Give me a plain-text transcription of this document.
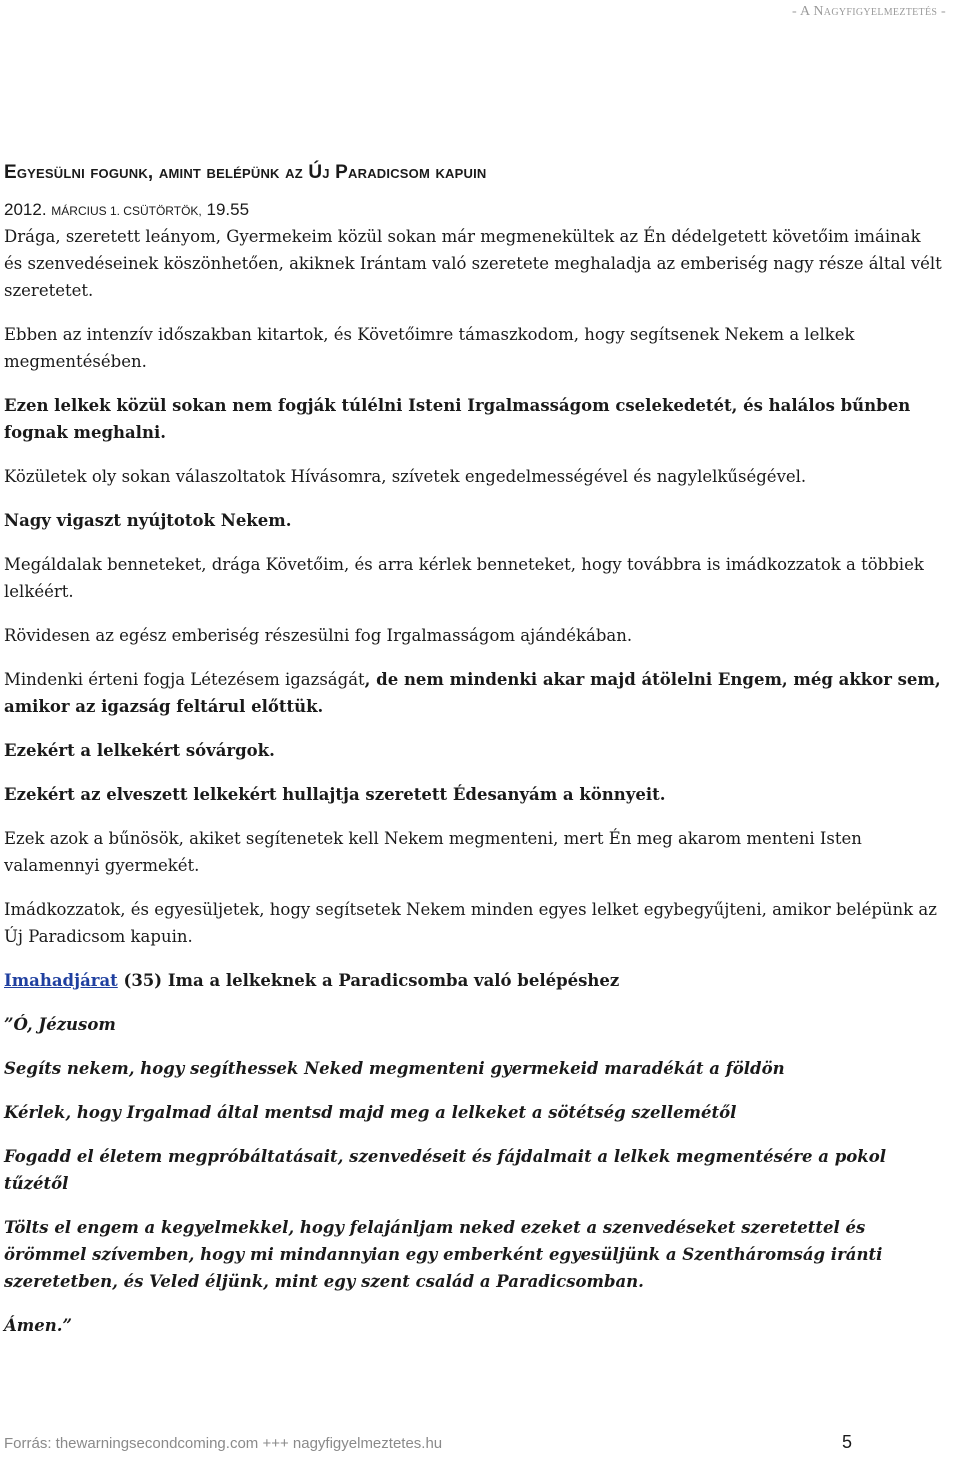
- A Nagyfigyelmeztetés -
Egyesülni fogunk, amint belépünk az Új Paradicsom kapuin
2012. MÁRCIUS 1. CSÜTÖRTÖK, 19.55

Drága, szeretett leányom, Gyermekeim közül sokan már megmenekültek az Én dédelgetett követőim imáinak és szenvedéseinek köszönhetően, akiknek Irántam való szeretete meghaladja az emberiség nagy része által vélt szeretetet.

Ebben az intenzív időszakban kitartok, és Követőimre támaszkodom, hogy segítsenek Nekem a lelkek megmentésében.

Ezen lelkek közül sokan nem fogják túlélni Isteni Irgalmasságom cselekedetét, és halálos bűnben fognak meghalni.

Közületek oly sokan válaszoltatok Hívásomra, szívetek engedelmességével és nagylelkűségével.

Nagy vigaszt nyújtotok Nekem.

Megáldalak benneteket, drága Követőim, és arra kérlek benneteket, hogy továbbra is imádkozzatok a többiek lelkéért.

Rövidesen az egész emberiség részesülni fog Irgalmasságom ajándékában.

Mindenki érteni fogja Létezésem igazságát, de nem mindenki akar majd átölelni Engem, még akkor sem, amikor az igazság feltárul előttük.

Ezekért a lelkekért sóvárgok.

Ezekért az elveszett lelkekért hullajtja szeretett Édesanyám a könnyeit.

Ezek azok a bűnösök, akiket segítenetek kell Nekem megmenteni, mert Én meg akarom menteni Isten valamennyi gyermekét.

Imádkozzatok, és egyesüljetek, hogy segítsetek Nekem minden egyes lelket egybegyűjteni, amikor belépünk az Új Paradicsom kapuin.

Imahadjárat (35) Ima a lelkeknek a Paradicsomba való belépéshez

”Ó, Jézusom

Segíts nekem, hogy segíthessek Neked megmenteni gyermekeid maradékát a földön

Kérlek, hogy Irgalmad által mentsd majd meg a lelkeket a sötétség szellemétől

Fogadd el életem megpróbáltatásait, szenvedéseit és fájdalmait a lelkek megmentésére a pokol tűzétől

Tölts el engem a kegyelmekkel, hogy felajánljam neked ezeket a szenvedéseket szeretettel és örömmel szívemben, hogy mi mindannyian egy emberként egyesüljünk a Szentháromság iránti szeretetben, és Veled éljünk, mint egy szent család a Paradicsomban.

Ámen.”

Forrás: thewarningsecondcoming.com +++ nagyfigyelmeztetes.hu	5
